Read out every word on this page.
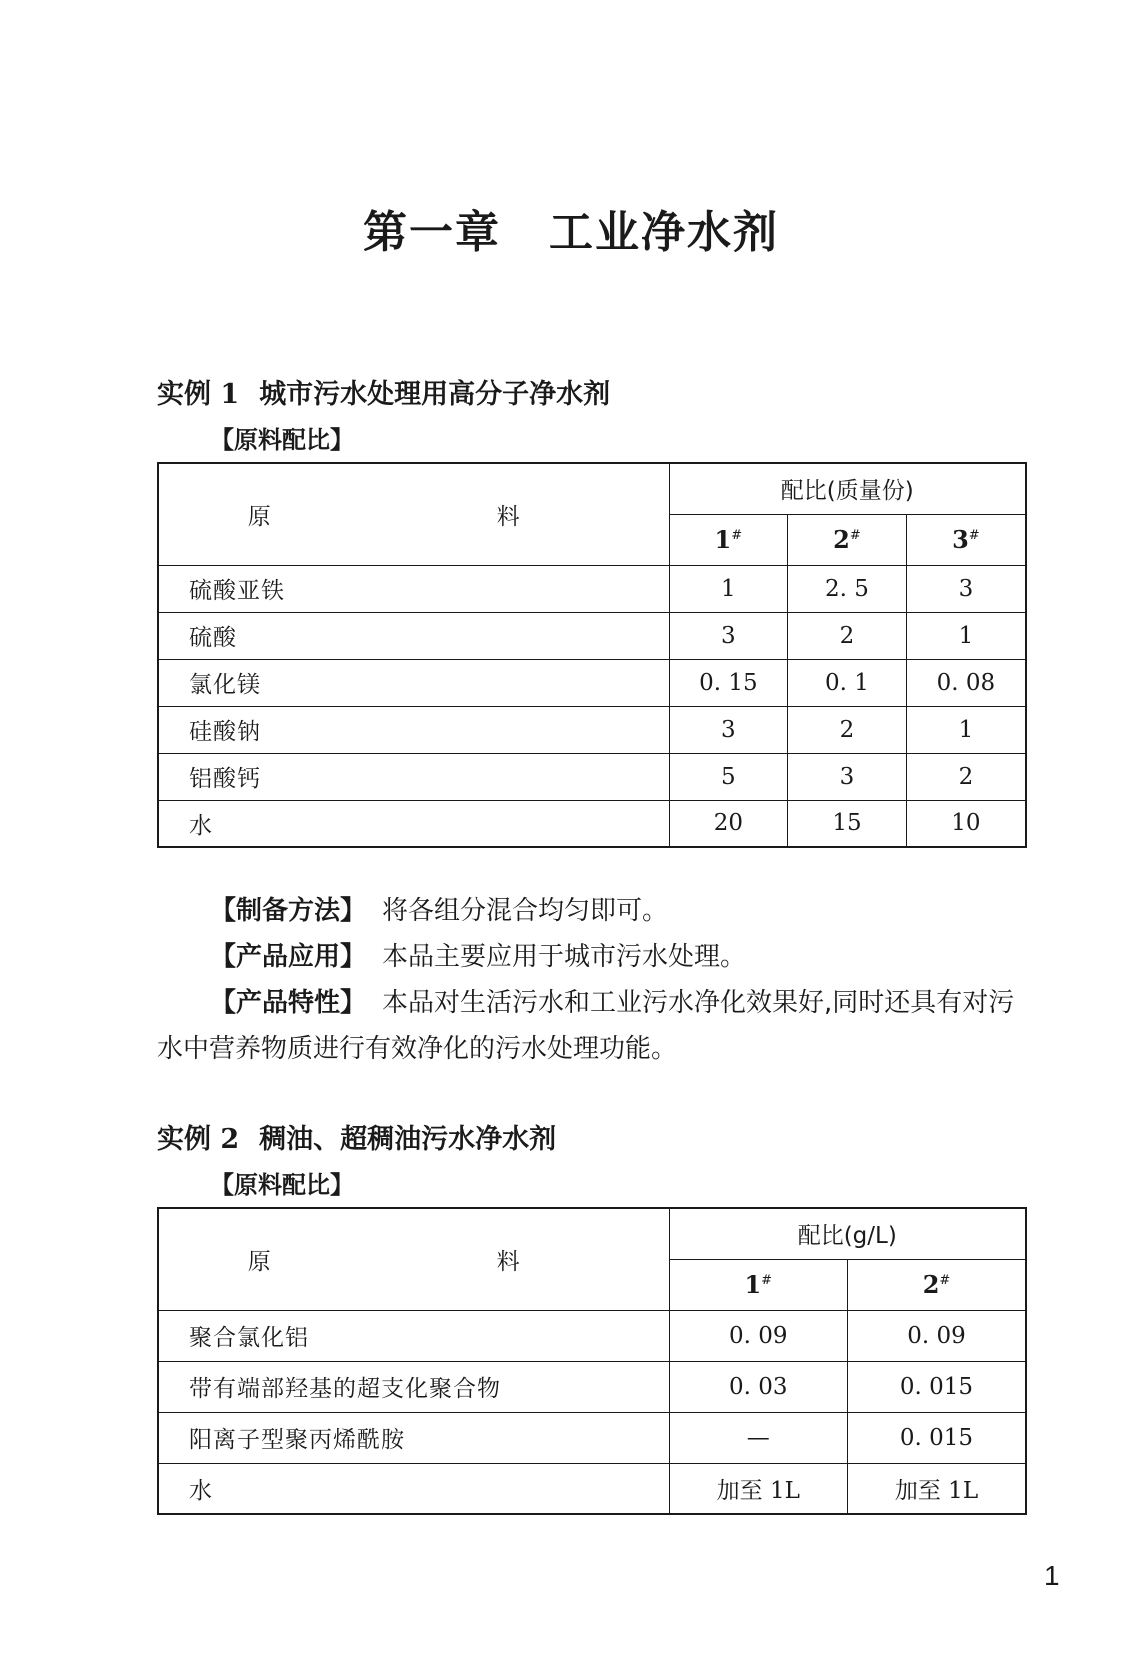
第一章 工业净水剂
实例 1 城市污水处理用高分子净水剂
【原料配比】
原　　料	配比(质量份)		
	1#	2#	3#
硫酸亚铁	1	2. 5	3
硫酸	3	2	1
氯化镁	0. 15	0. 1	0. 08
硅酸钠	3	2	1
铝酸钙	5	3	2
水	20	15	10
【制备方法】 将各组分混合均匀即可。
【产品应用】 本品主要应用于城市污水处理。
【产品特性】 本品对生活污水和工业污水净化效果好,同时还具有对污水中营养物质进行有效净化的污水处理功能。
实例 2 稠油、超稠油污水净水剂
【原料配比】
原　　料	配比(g/L)	
	1#	2#
聚合氯化铝	0. 09	0. 09
带有端部羟基的超支化聚合物	0. 03	0. 015
阳离子型聚丙烯酰胺	—	0. 015
水	加至 1L	加至 1L
1
